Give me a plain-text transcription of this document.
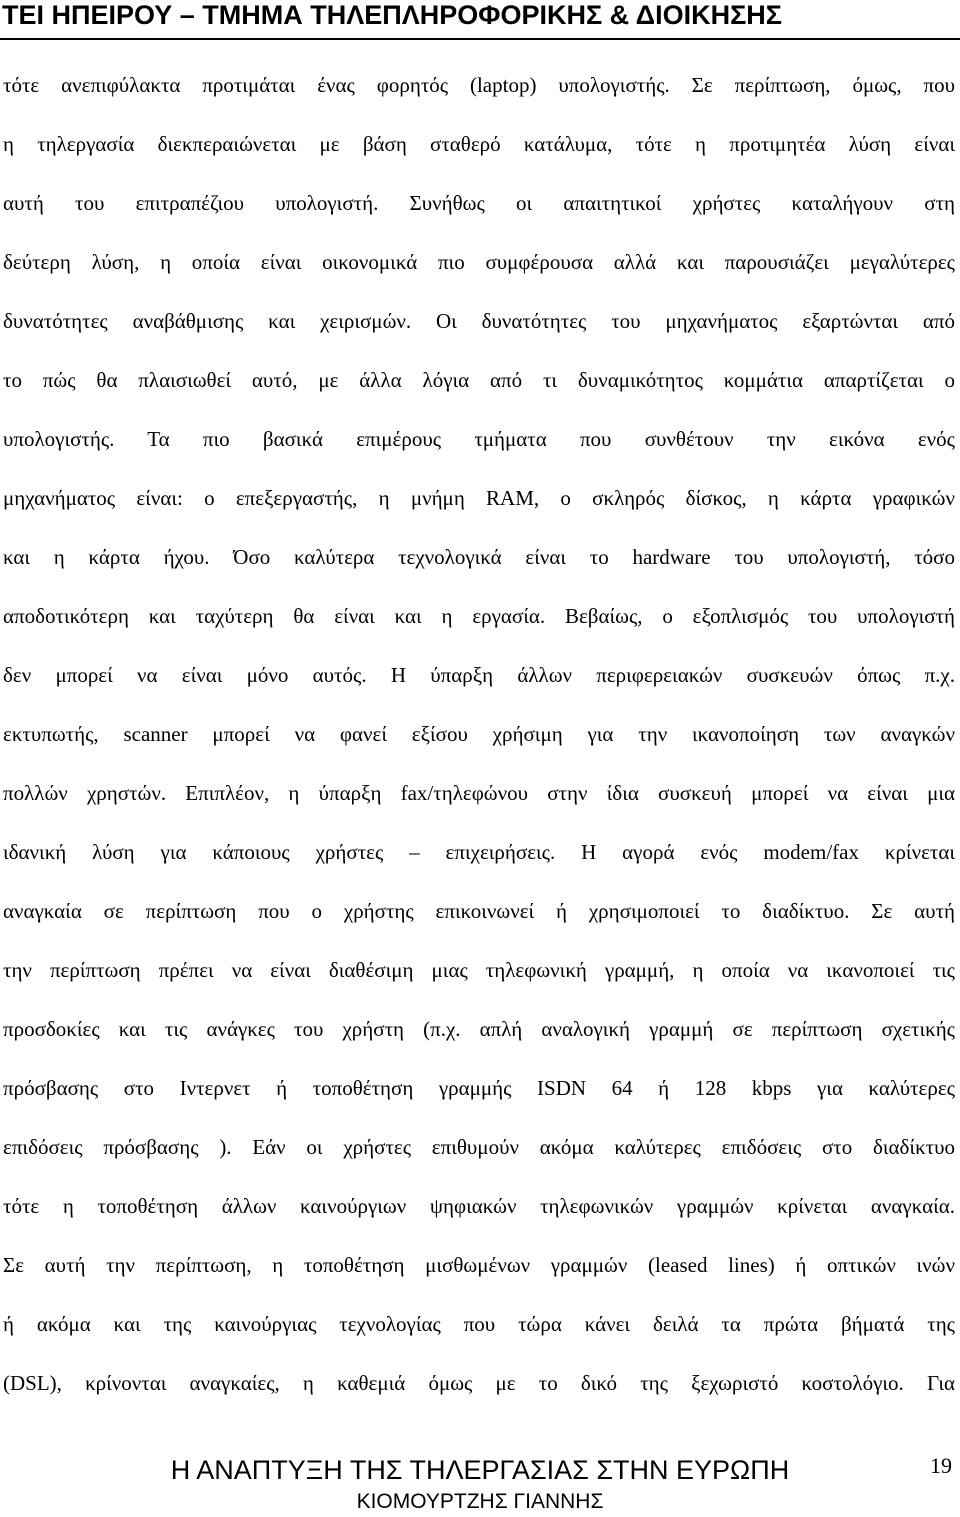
ΤΕΙ ΗΠΕΙΡΟΥ – ΤΜΗΜΑ ΤΗΛΕΠΛΗΡΟΦΟΡΙΚΗΣ & ΔΙΟΙΚΗΣΗΣ
τότε ανεπιφύλακτα προτιμάται ένας φορητός (laptop) υπολογιστής. Σε περίπτωση, όμως, που
η τηλεργασία διεκπεραιώνεται με βάση σταθερό κατάλυμα, τότε η προτιμητέα λύση είναι
αυτή του επιτραπέζιου υπολογιστή. Συνήθως οι απαιτητικοί χρήστες καταλήγουν στη
δεύτερη λύση, η οποία είναι οικονομικά πιο συμφέρουσα αλλά και παρουσιάζει μεγαλύτερες
δυνατότητες αναβάθμισης και χειρισμών. Οι δυνατότητες του μηχανήματος εξαρτώνται από
το πώς θα πλαισιωθεί αυτό, με άλλα λόγια από τι δυναμικότητος κομμάτια απαρτίζεται ο
υπολογιστής. Τα πιο βασικά επιμέρους τμήματα που συνθέτουν την εικόνα ενός
μηχανήματος είναι: ο επεξεργαστής, η μνήμη RAM, ο σκληρός δίσκος, η κάρτα γραφικών
και η κάρτα ήχου. Όσο καλύτερα τεχνολογικά είναι το hardware του υπολογιστή, τόσο
αποδοτικότερη και ταχύτερη θα είναι και η εργασία. Βεβαίως, ο εξοπλισμός του υπολογιστή
δεν μπορεί να είναι μόνο αυτός. Η ύπαρξη άλλων περιφερειακών συσκευών όπως π.χ.
εκτυπωτής, scanner μπορεί να φανεί εξίσου χρήσιμη για την ικανοποίηση των αναγκών
πολλών χρηστών. Επιπλέον, η ύπαρξη fax/τηλεφώνου στην ίδια συσκευή μπορεί να είναι μια
ιδανική λύση για κάποιους χρήστες – επιχειρήσεις. Η αγορά ενός modem/fax κρίνεται
αναγκαία σε περίπτωση που ο χρήστης επικοινωνεί ή χρησιμοποιεί το διαδίκτυο. Σε αυτή
την περίπτωση πρέπει να είναι διαθέσιμη μιας τηλεφωνική γραμμή, η οποία να ικανοποιεί τις
προσδοκίες και τις ανάγκες του χρήστη (π.χ. απλή αναλογική γραμμή σε περίπτωση σχετικής
πρόσβασης στο Ιντερνετ ή τοποθέτηση γραμμής ISDN 64 ή 128 kbps για καλύτερες
επιδόσεις πρόσβασης ). Εάν οι χρήστες επιθυμούν ακόμα καλύτερες επιδόσεις στο διαδίκτυο
τότε η τοποθέτηση άλλων καινούργιων ψηφιακών τηλεφωνικών γραμμών κρίνεται αναγκαία.
Σε αυτή την περίπτωση, η τοποθέτηση μισθωμένων γραμμών (leased lines) ή οπτικών ινών
ή ακόμα και της καινούργιας τεχνολογίας που τώρα κάνει δειλά τα πρώτα βήματά της
(DSL), κρίνονται αναγκαίες, η καθεμιά όμως με το δικό της ξεχωριστό κοστολόγιο. Για
Η ΑΝΑΠΤΥΞΗ ΤΗΣ ΤΗΛΕΡΓΑΣΙΑΣ ΣΤΗΝ ΕΥΡΩΠΗ
ΚΙΟΜΟΥΡΤΖΗΣ ΓΙΑΝΝΗΣ
19
